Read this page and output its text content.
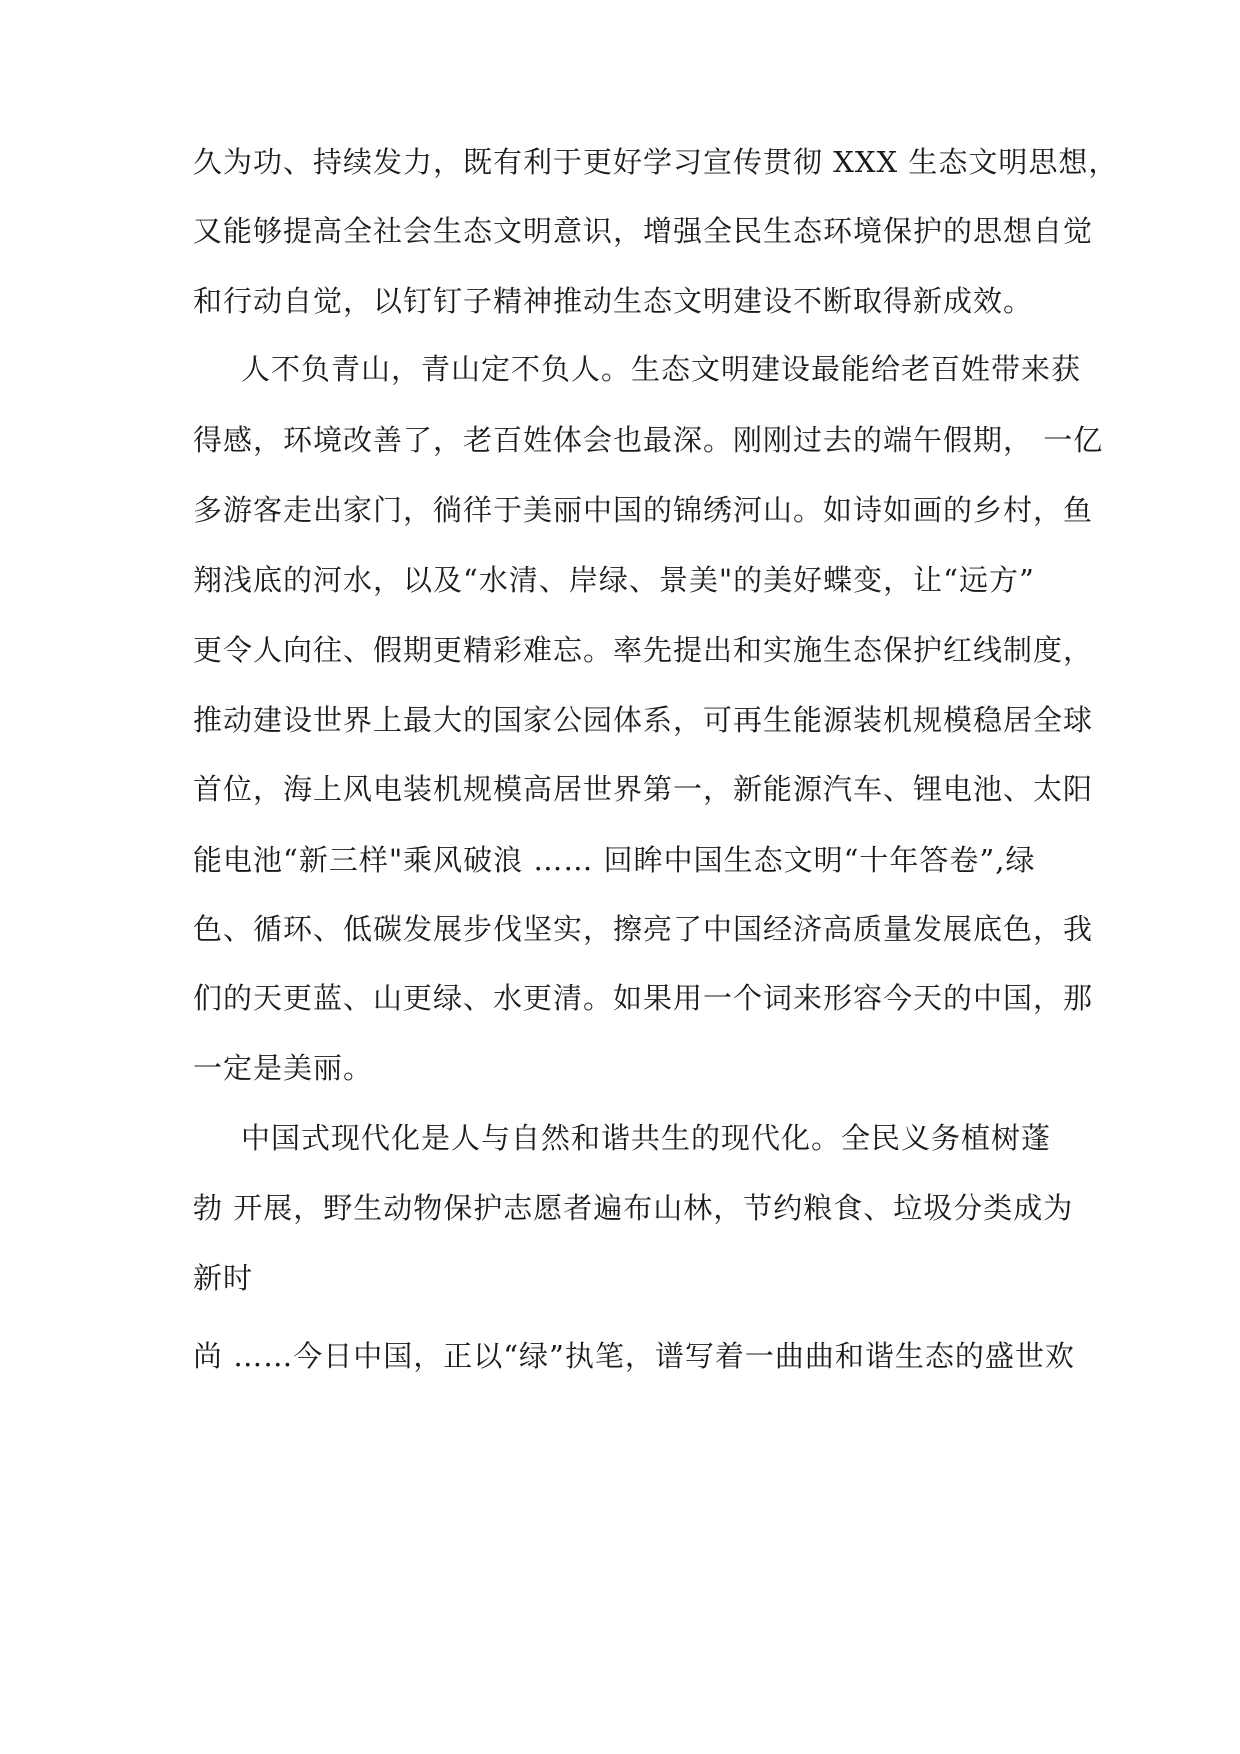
久为功、持续发力，既有利于更好学习宣传贯彻 XXX 生态文明思想，
又能够提高全社会生态文明意识，增强全民生态环境保护的思想自觉
和行动自觉，以钉钉子精神推动生态文明建设不断取得新成效。
人不负青山，青山定不负人。生态文明建设最能给老百姓带来获
得感，环境改善了，老百姓体会也最深。刚刚过去的端午假期， 一亿
多游客走出家门，徜徉于美丽中国的锦绣河山。如诗如画的乡村，鱼
翔浅底的河水，以及“水清、岸绿、景美"的美好蝶变，让“远方”
更令人向往、假期更精彩难忘。率先提出和实施生态保护红线制度，
推动建设世界上最大的国家公园体系，可再生能源装机规模稳居全球
首位，海上风电装机规模高居世界第一，新能源汽车、锂电池、太阳
能电池“新三样"乘风破浪 …… 回眸中国生态文明“十年答卷”,绿
色、循环、低碳发展步伐坚实，擦亮了中国经济高质量发展底色，我
们的天更蓝、山更绿、水更清。如果用一个词来形容今天的中国，那
一定是美丽。
中国式现代化是人与自然和谐共生的现代化。全民义务植树蓬
勃 开展，野生动物保护志愿者遍布山林，节约粮食、垃圾分类成为
新时
尚 ……今日中国，正以“绿”执笔，谱写着一曲曲和谐生态的盛世欢
